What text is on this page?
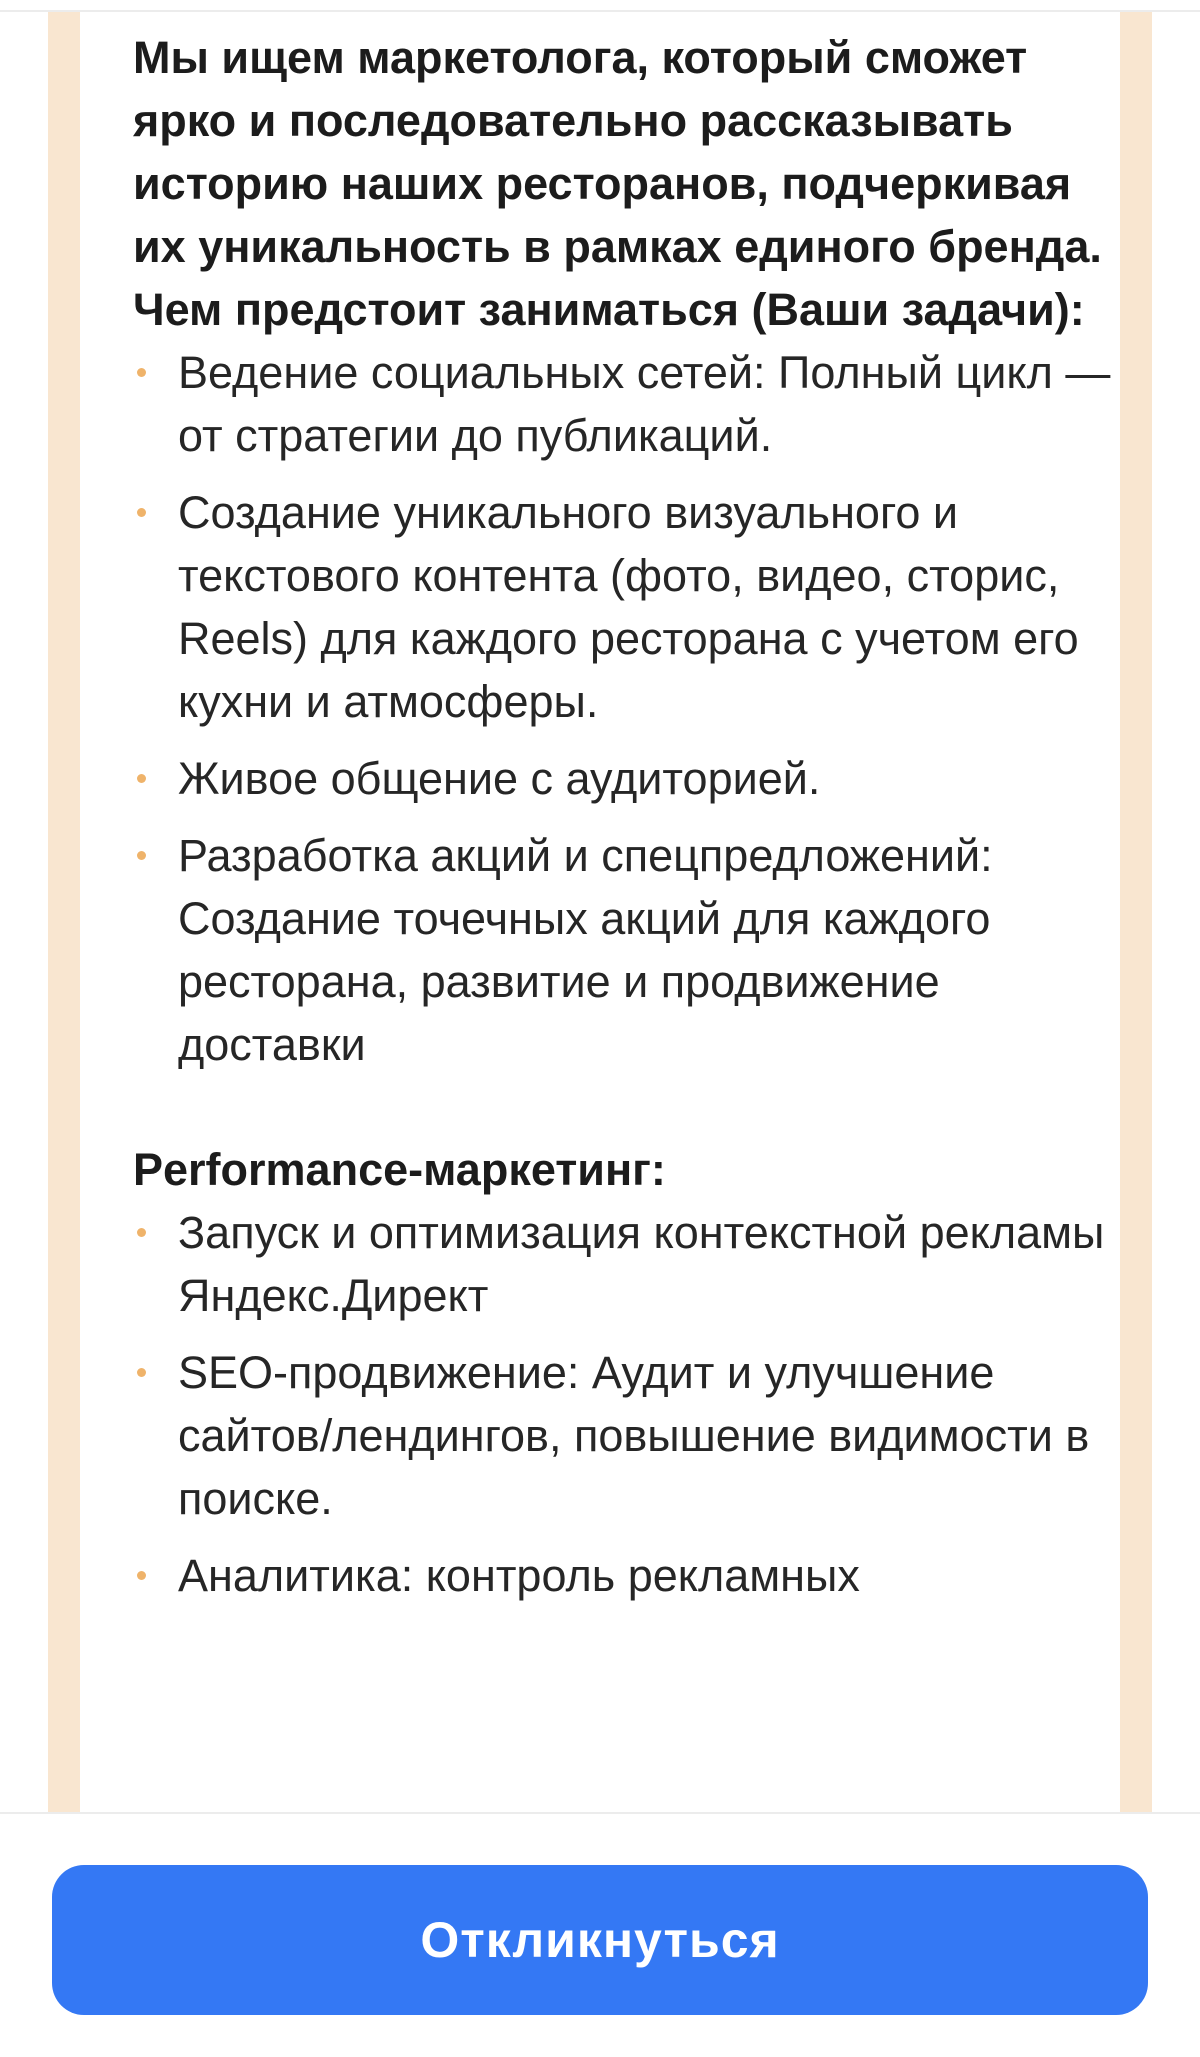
Мы ищем маркетолога, который сможет ярко и последовательно рассказывать историю наших ресторанов, подчеркивая их уникальность в рамках единого бренда.

Чем предстоит заниматься (Ваши задачи):

Ведение социальных сетей: Полный цикл — от стратегии до публикаций.
Создание уникального визуального и текстового контента (фото, видео, сторис, Reels) для каждого ресторана с учетом его кухни и атмосферы.
Живое общение с аудиторией.
Разработка акций и спецпредложений: Создание точечных акций для каждого ресторана, развитие и продвижение доставки

Performance-маркетинг:

Запуск и оптимизация контекстной рекламы Яндекс.Директ
SEO-продвижение: Аудит и улучшение сайтов/лендингов, повышение видимости в поиске.
Аналитика: контроль рекламных
Откликнуться
